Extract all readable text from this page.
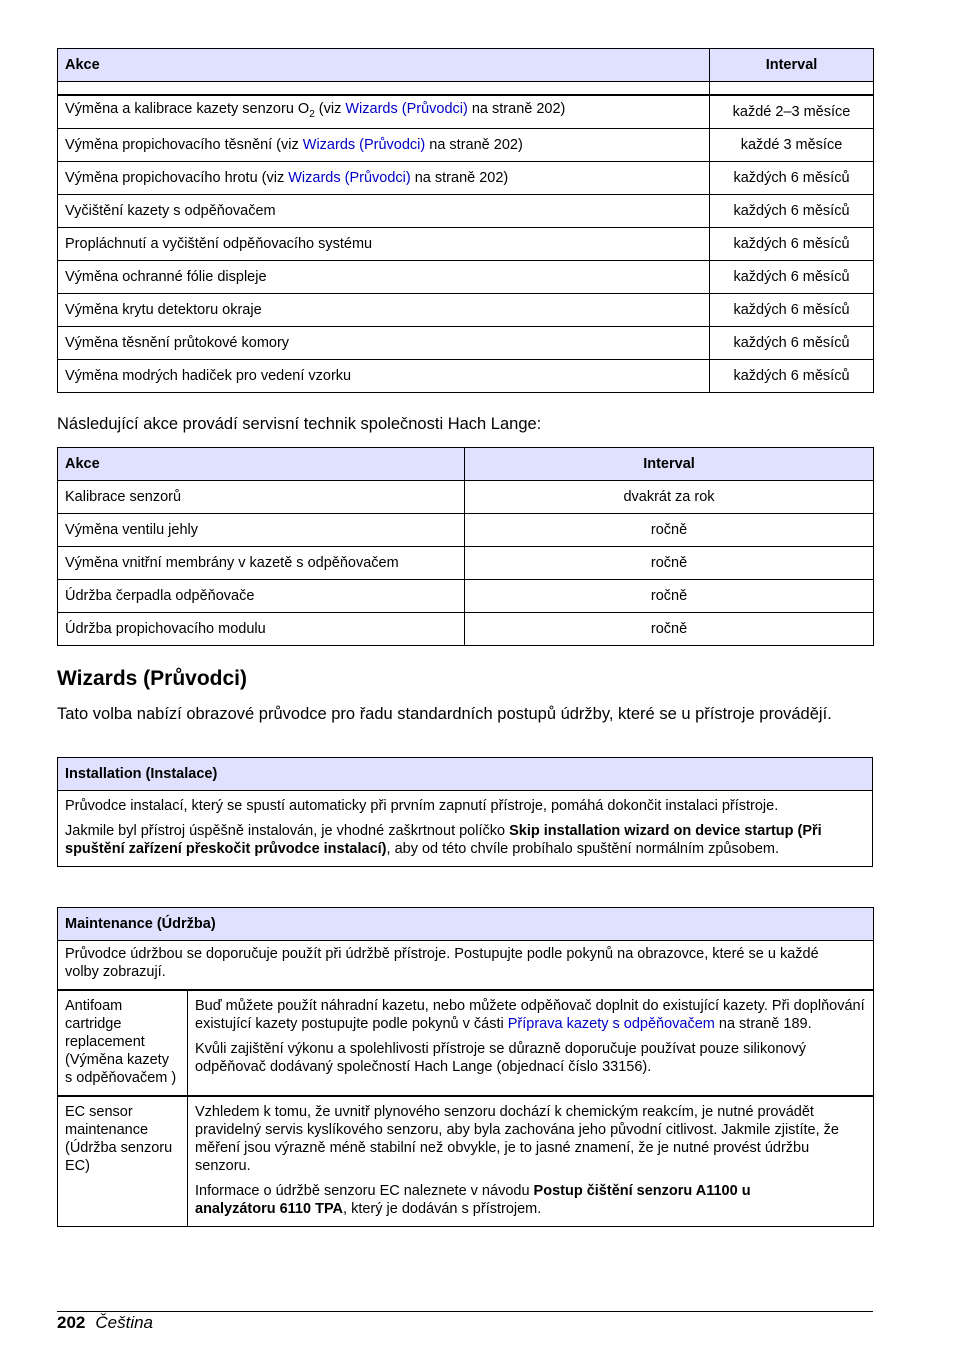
Akce	Interval

Výměna a kalibrace kazety senzoru $O_2$ (viz Wizards (Průvodci) na straně 202)	každé 2–3 měsíce
Výměna propichovacího těsnění (viz Wizards (Průvodci) na straně 202)	každé 3 měsíce
Výměna propichovacího hrotu (viz Wizards (Průvodci) na straně 202)	každých 6 měsíců
Vyčištění kazety s odpěňovačem	každých 6 měsíců
Propláchnutí a vyčištění odpěňovacího systému	každých 6 měsíců
Výměna ochranné fólie displeje	každých 6 měsíců
Výměna krytu detektoru okraje	každých 6 měsíců
Výměna těsnění průtokové komory	každých 6 měsíců
Výměna modrých hadiček pro vedení vzorku	každých 6 měsíců
Následující akce provádí servisní technik společnosti Hach Lange:
Akce	Interval
Kalibrace senzorů	dvakrát za rok
Výměna ventilu jehly	ročně
Výměna vnitřní membrány v kazetě s odpěňovačem	ročně
Údržba čerpadla odpěňovače	ročně
Údržba propichovacího modulu	ročně
Wizards (Průvodci)
Tato volba nabízí obrazové průvodce pro řadu standardních postupů údržby, které se u přístroje provádějí.
Installation (Instalace)

Průvodce instalací, který se spustí automaticky při prvním zapnutí přístroje, pomáhá dokončit instalaci přístroje.

Jakmile byl přístroj úspěšně instalován, je vhodné zaškrtnout políčko Skip installation wizard on device startup (Při spuštění zařízení přeskočit průvodce instalací), aby od této chvíle probíhalo spuštění normálním způsobem.

Maintenance (Údržba)	

Průvodce údržbou se doporučuje použít při údržbě přístroje. Postupujte podle pokynů na obrazovce, které se u každé volby zobrazují.	

Antifoam cartridge replacement (Výměna kazety s odpěňovačem )	Buď můžete použít náhradní kazetu, nebo můžete odpěňovač doplnit do existující kazety. Při doplňování existující kazety postupujte podle pokynů v části Příprava kazety s odpěňovačem na straně 189.

Kvůli zajištění výkonu a spolehlivosti přístroje se důrazně doporučuje používat pouze silikonový odpěňovač dodávaný společností Hach Lange (objednací číslo 33156).

EC sensor maintenance (Údržba senzoru EC)	Vzhledem k tomu, že uvnitř plynového senzoru dochází k chemickým reakcím, je nutné provádět pravidelný servis kyslíkového senzoru, aby byla zachována jeho původní citlivost. Jakmile zjistíte, že měření jsou výrazně méně stabilní než obvykle, je to jasné znamení, že je nutné provést údržbu senzoru.

Informace o údržbě senzoru EC naleznete v návodu Postup čištění senzoru A1100 u analyzátoru 6110 TPA, který je dodáván s přístrojem.

202 Čeština
